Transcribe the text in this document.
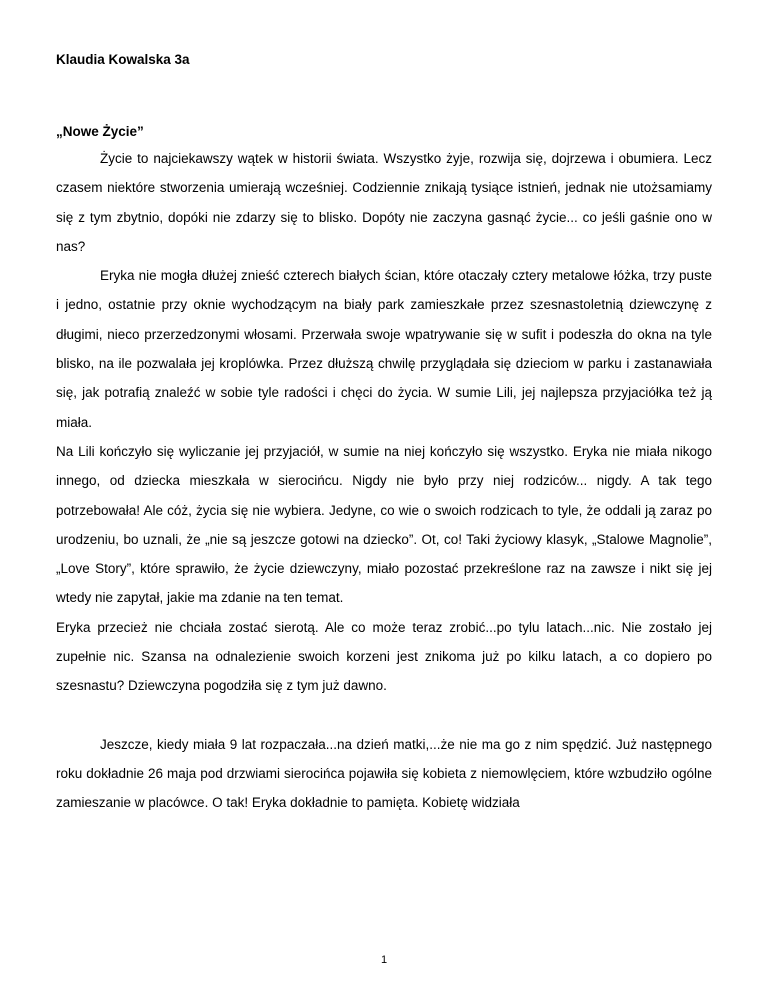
Klaudia Kowalska 3a

„Nowe Życie”

Życie to najciekawszy wątek w historii świata. Wszystko żyje, rozwija się, dojrzewa i obumiera. Lecz czasem niektóre stworzenia umierają wcześniej. Codziennie znikają tysiące istnień, jednak nie utożsamiamy się z tym zbytnio, dopóki nie zdarzy się to blisko. Dopóty nie zaczyna gasnąć życie... co jeśli gaśnie ono w nas?

Eryka nie mogła dłużej znieść czterech białych ścian, które otaczały cztery metalowe łóżka, trzy puste i jedno, ostatnie przy oknie wychodzącym na biały park zamieszkałe przez szesnastoletnią dziewczynę z długimi, nieco przerzedzonymi włosami. Przerwała swoje wpatrywanie się w sufit i podeszła do okna na tyle blisko, na ile pozwalała jej kroplówka. Przez dłuższą chwilę przyglądała się dzieciom w parku i zastanawiała się, jak potrafią znaleźć w sobie tyle radości i chęci do życia. W sumie Lili, jej najlepsza przyjaciółka też ją miała.

Na Lili kończyło się wyliczanie jej przyjaciół, w sumie na niej kończyło się wszystko. Eryka nie miała nikogo innego, od dziecka mieszkała w sierocińcu. Nigdy nie było przy niej rodziców... nigdy. A tak tego potrzebowała! Ale cóż, życia się nie wybiera. Jedyne, co wie o swoich rodzicach to tyle, że oddali ją zaraz po urodzeniu, bo uznali, że „nie są jeszcze gotowi na dziecko”. Ot, co! Taki życiowy klasyk, „Stalowe Magnolie”, „Love Story”, które sprawiło, że życie dziewczyny, miało pozostać przekreślone raz na zawsze i nikt się jej wtedy nie zapytał, jakie ma zdanie na ten temat.

Eryka przecież nie chciała zostać sierotą. Ale co może teraz zrobić...po tylu latach...nic. Nie zostało jej zupełnie nic. Szansa na odnalezienie swoich korzeni jest znikoma już po kilku latach, a co dopiero po szesnastu? Dziewczyna pogodziła się z tym już dawno.

Jeszcze, kiedy miała 9 lat rozpaczała...na dzień matki,...że nie ma go z nim spędzić. Już następnego roku dokładnie 26 maja pod drzwiami sierocińca pojawiła się kobieta z niemowlęciem, które wzbudziło ogólne zamieszanie w placówce. O tak! Eryka dokładnie to pamięta. Kobietę widziała

1
